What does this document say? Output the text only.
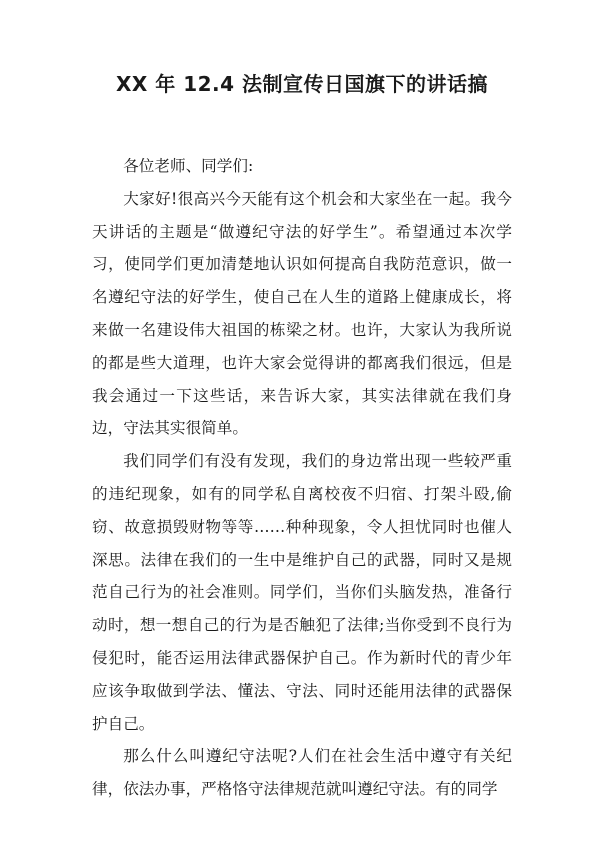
XX 年 12.4 法制宣传日国旗下的讲话搞

各位老师、同学们:

大家好!很高兴今天能有这个机会和大家坐在一起。我今天讲话的主题是“做遵纪守法的好学生”。希望通过本次学习，使同学们更加清楚地认识如何提高自我防范意识，做一名遵纪守法的好学生，使自己在人生的道路上健康成长，将来做一名建设伟大祖国的栋梁之材。也许，大家认为我所说的都是些大道理，也许大家会觉得讲的都离我们很远，但是我会通过一下这些话，来告诉大家，其实法律就在我们身边，守法其实很简单。

我们同学们有没有发现，我们的身边常出现一些较严重的违纪现象，如有的同学私自离校夜不归宿、打架斗殴,偷窃、故意损毁财物等等……种种现象，令人担忧同时也催人深思。法律在我们的一生中是维护自己的武器，同时又是规范自己行为的社会准则。同学们，当你们头脑发热，准备行动时，想一想自己的行为是否触犯了法律;当你受到不良行为侵犯时，能否运用法律武器保护自己。作为新时代的青少年应该争取做到学法、懂法、守法、同时还能用法律的武器保护自己。

那么什么叫遵纪守法呢?人们在社会生活中遵守有关纪律，依法办事，严格恪守法律规范就叫遵纪守法。有的同学
